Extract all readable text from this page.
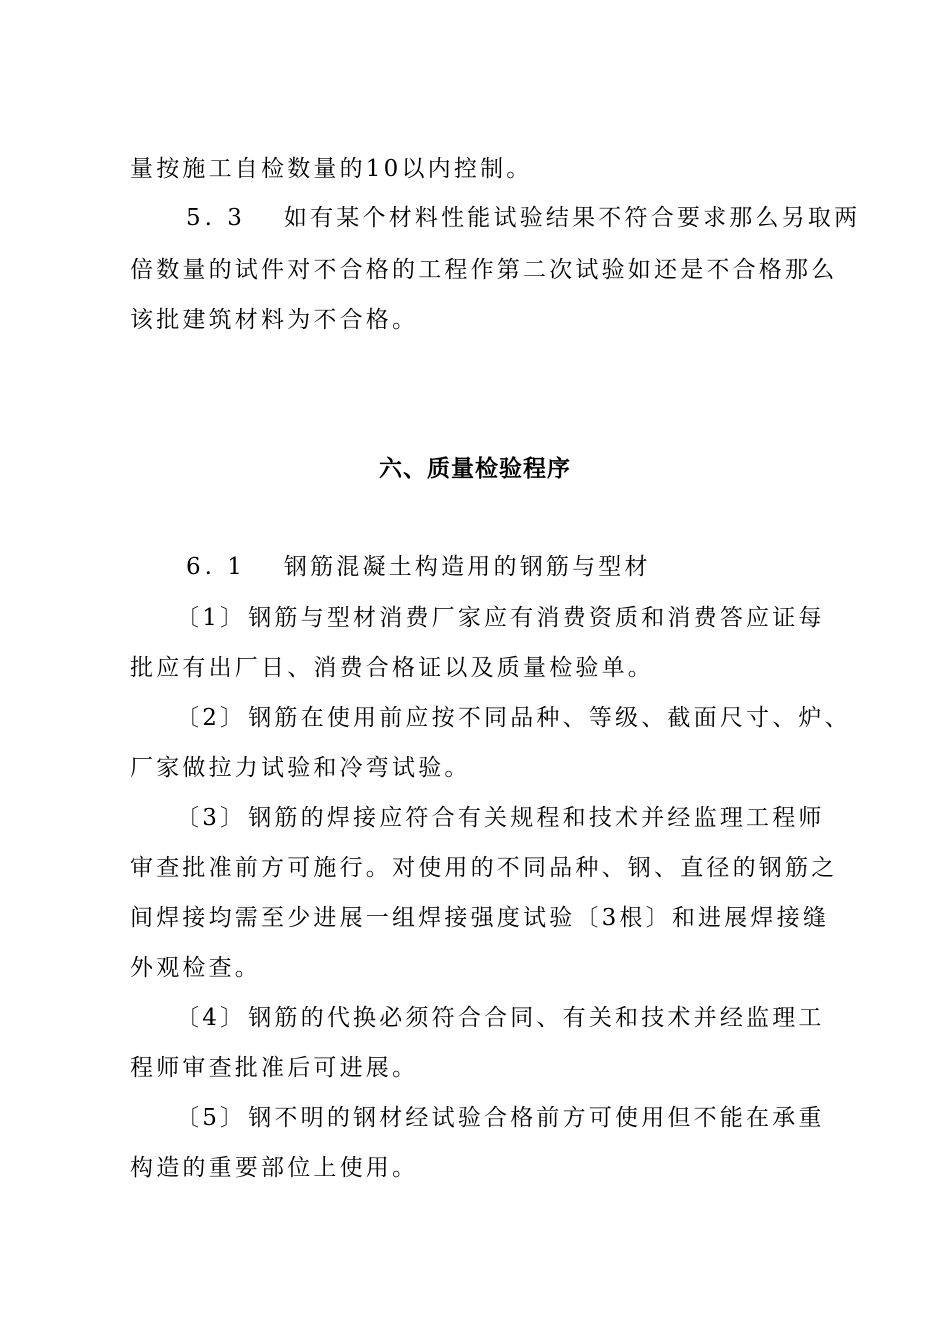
量按施工自检数量的10以内控制。
5. 3 如有某个材料性能试验结果不符合要求那么另取两
倍数量的试件对不合格的工程作第二次试验如还是不合格那么
该批建筑材料为不合格。
六、质量检验程序
6. 1 钢筋混凝土构造用的钢筋与型材
〔1〕钢筋与型材消费厂家应有消费资质和消费答应证每
批应有出厂日、消费合格证以及质量检验单。
〔2〕钢筋在使用前应按不同品种、等级、截面尺寸、炉、
厂家做拉力试验和冷弯试验。
〔3〕钢筋的焊接应符合有关规程和技术并经监理工程师
审查批准前方可施行。对使用的不同品种、钢、直径的钢筋之
间焊接均需至少进展一组焊接强度试验〔3根〕和进展焊接缝
外观检查。
〔4〕钢筋的代换必须符合合同、有关和技术并经监理工
程师审查批准后可进展。
〔5〕钢不明的钢材经试验合格前方可使用但不能在承重
构造的重要部位上使用。
